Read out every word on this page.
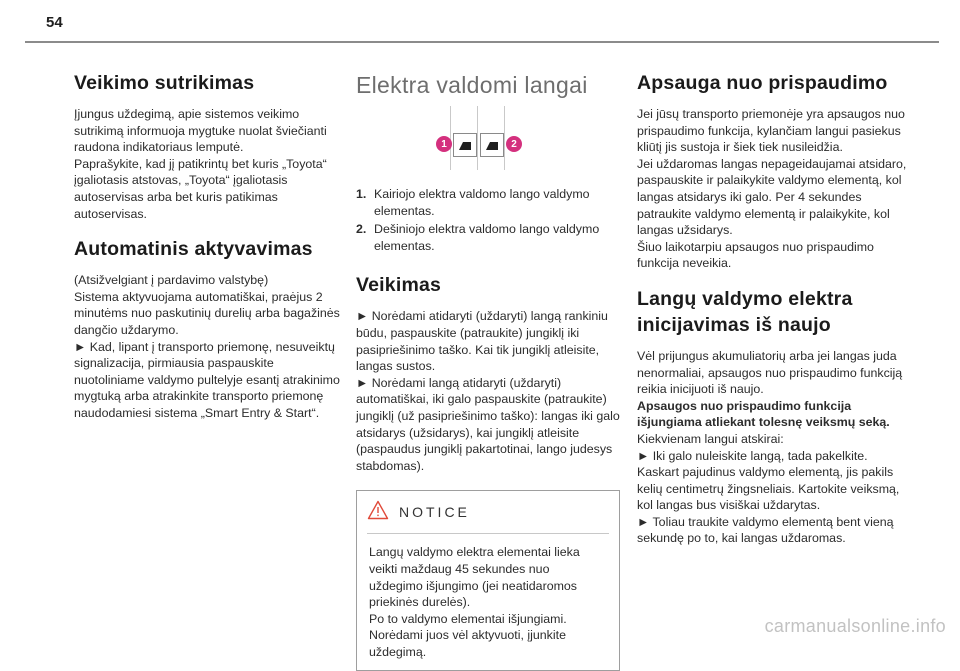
54
Veikimo sutrikimas

Įjungus uždegimą, apie sistemos veikimo sutrikimą informuoja mygtuke nuolat šviečianti raudona indikatoriaus lemputė.

Paprašykite, kad jį patikrintų bet kuris „Toyota“ įgaliotasis atstovas, „Toyota“ įgaliotasis autoservisas arba bet kuris patikimas autoservisas.

Automatinis aktyvavimas

(Atsižvelgiant į pardavimo valstybę)

Sistema aktyvuojama automatiškai, praėjus 2 minutėms nuo paskutinių durelių arba bagažinės dangčio uždarymo.

► Kad, lipant į transporto priemonę, nesuveiktų signalizacija, pirmiausia paspauskite nuotoliniame valdymo pultelyje esantį atrakinimo mygtuką arba atrakinkite transporto priemonę naudodamiesi sistema „Smart Entry & Start“.

Elektra valdomi langai
1	2
1. Kairiojo elektra valdomo lango valdymo elementas.
2. Dešiniojo elektra valdomo lango valdymo elementas.
Veikimas

► Norėdami atidaryti (uždaryti) langą rankiniu būdu, paspauskite (patraukite) jungiklį iki pasipriešinimo taško. Kai tik jungiklį atleisite, langas sustos.

► Norėdami langą atidaryti (uždaryti) automatiškai, iki galo paspauskite (patraukite) jungiklį (už pasipriešinimo taško): langas iki galo atsidarys (užsidarys), kai jungiklį atleisite (paspaudus jungiklį pakartotinai, lango judesys stabdomas).

NOTICE

Langų valdymo elektra elementai lieka veikti maždaug 45 sekundes nuo uždegimo išjungimo (jei neatidaromos priekinės durelės).

Po to valdymo elementai išjungiami.

Norėdami juos vėl aktyvuoti, įjunkite uždegimą.

Apsauga nuo prispaudimo

Jei jūsų transporto priemonėje yra apsaugos nuo prispaudimo funkcija, kylančiam langui pasiekus kliūtį jis sustoja ir šiek tiek nusileidžia.

Jei uždaromas langas nepageidaujamai atsidaro, paspauskite ir palaikykite valdymo elementą, kol langas atsidarys iki galo. Per 4 sekundes patraukite valdymo elementą ir palaikykite, kol langas užsidarys.

Šiuo laikotarpiu apsaugos nuo prispaudimo funkcija neveikia.

Langų valdymo elektra
inicijavimas iš naujo

Vėl prijungus akumuliatorių arba jei langas juda nenormaliai, apsaugos nuo prispaudimo funkciją reikia inicijuoti iš naujo.

Apsaugos nuo prispaudimo funkcija išjungiama atliekant tolesnę veiksmų seką.

Kiekvienam langui atskirai:

► Iki galo nuleiskite langą, tada pakelkite.

Kaskart pajudinus valdymo elementą, jis pakils kelių centimetrų žingsneliais. Kartokite veiksmą, kol langas bus visiškai uždarytas.

► Toliau traukite valdymo elementą bent vieną sekundę po to, kai langas uždaromas.

carmanualsonline.info
